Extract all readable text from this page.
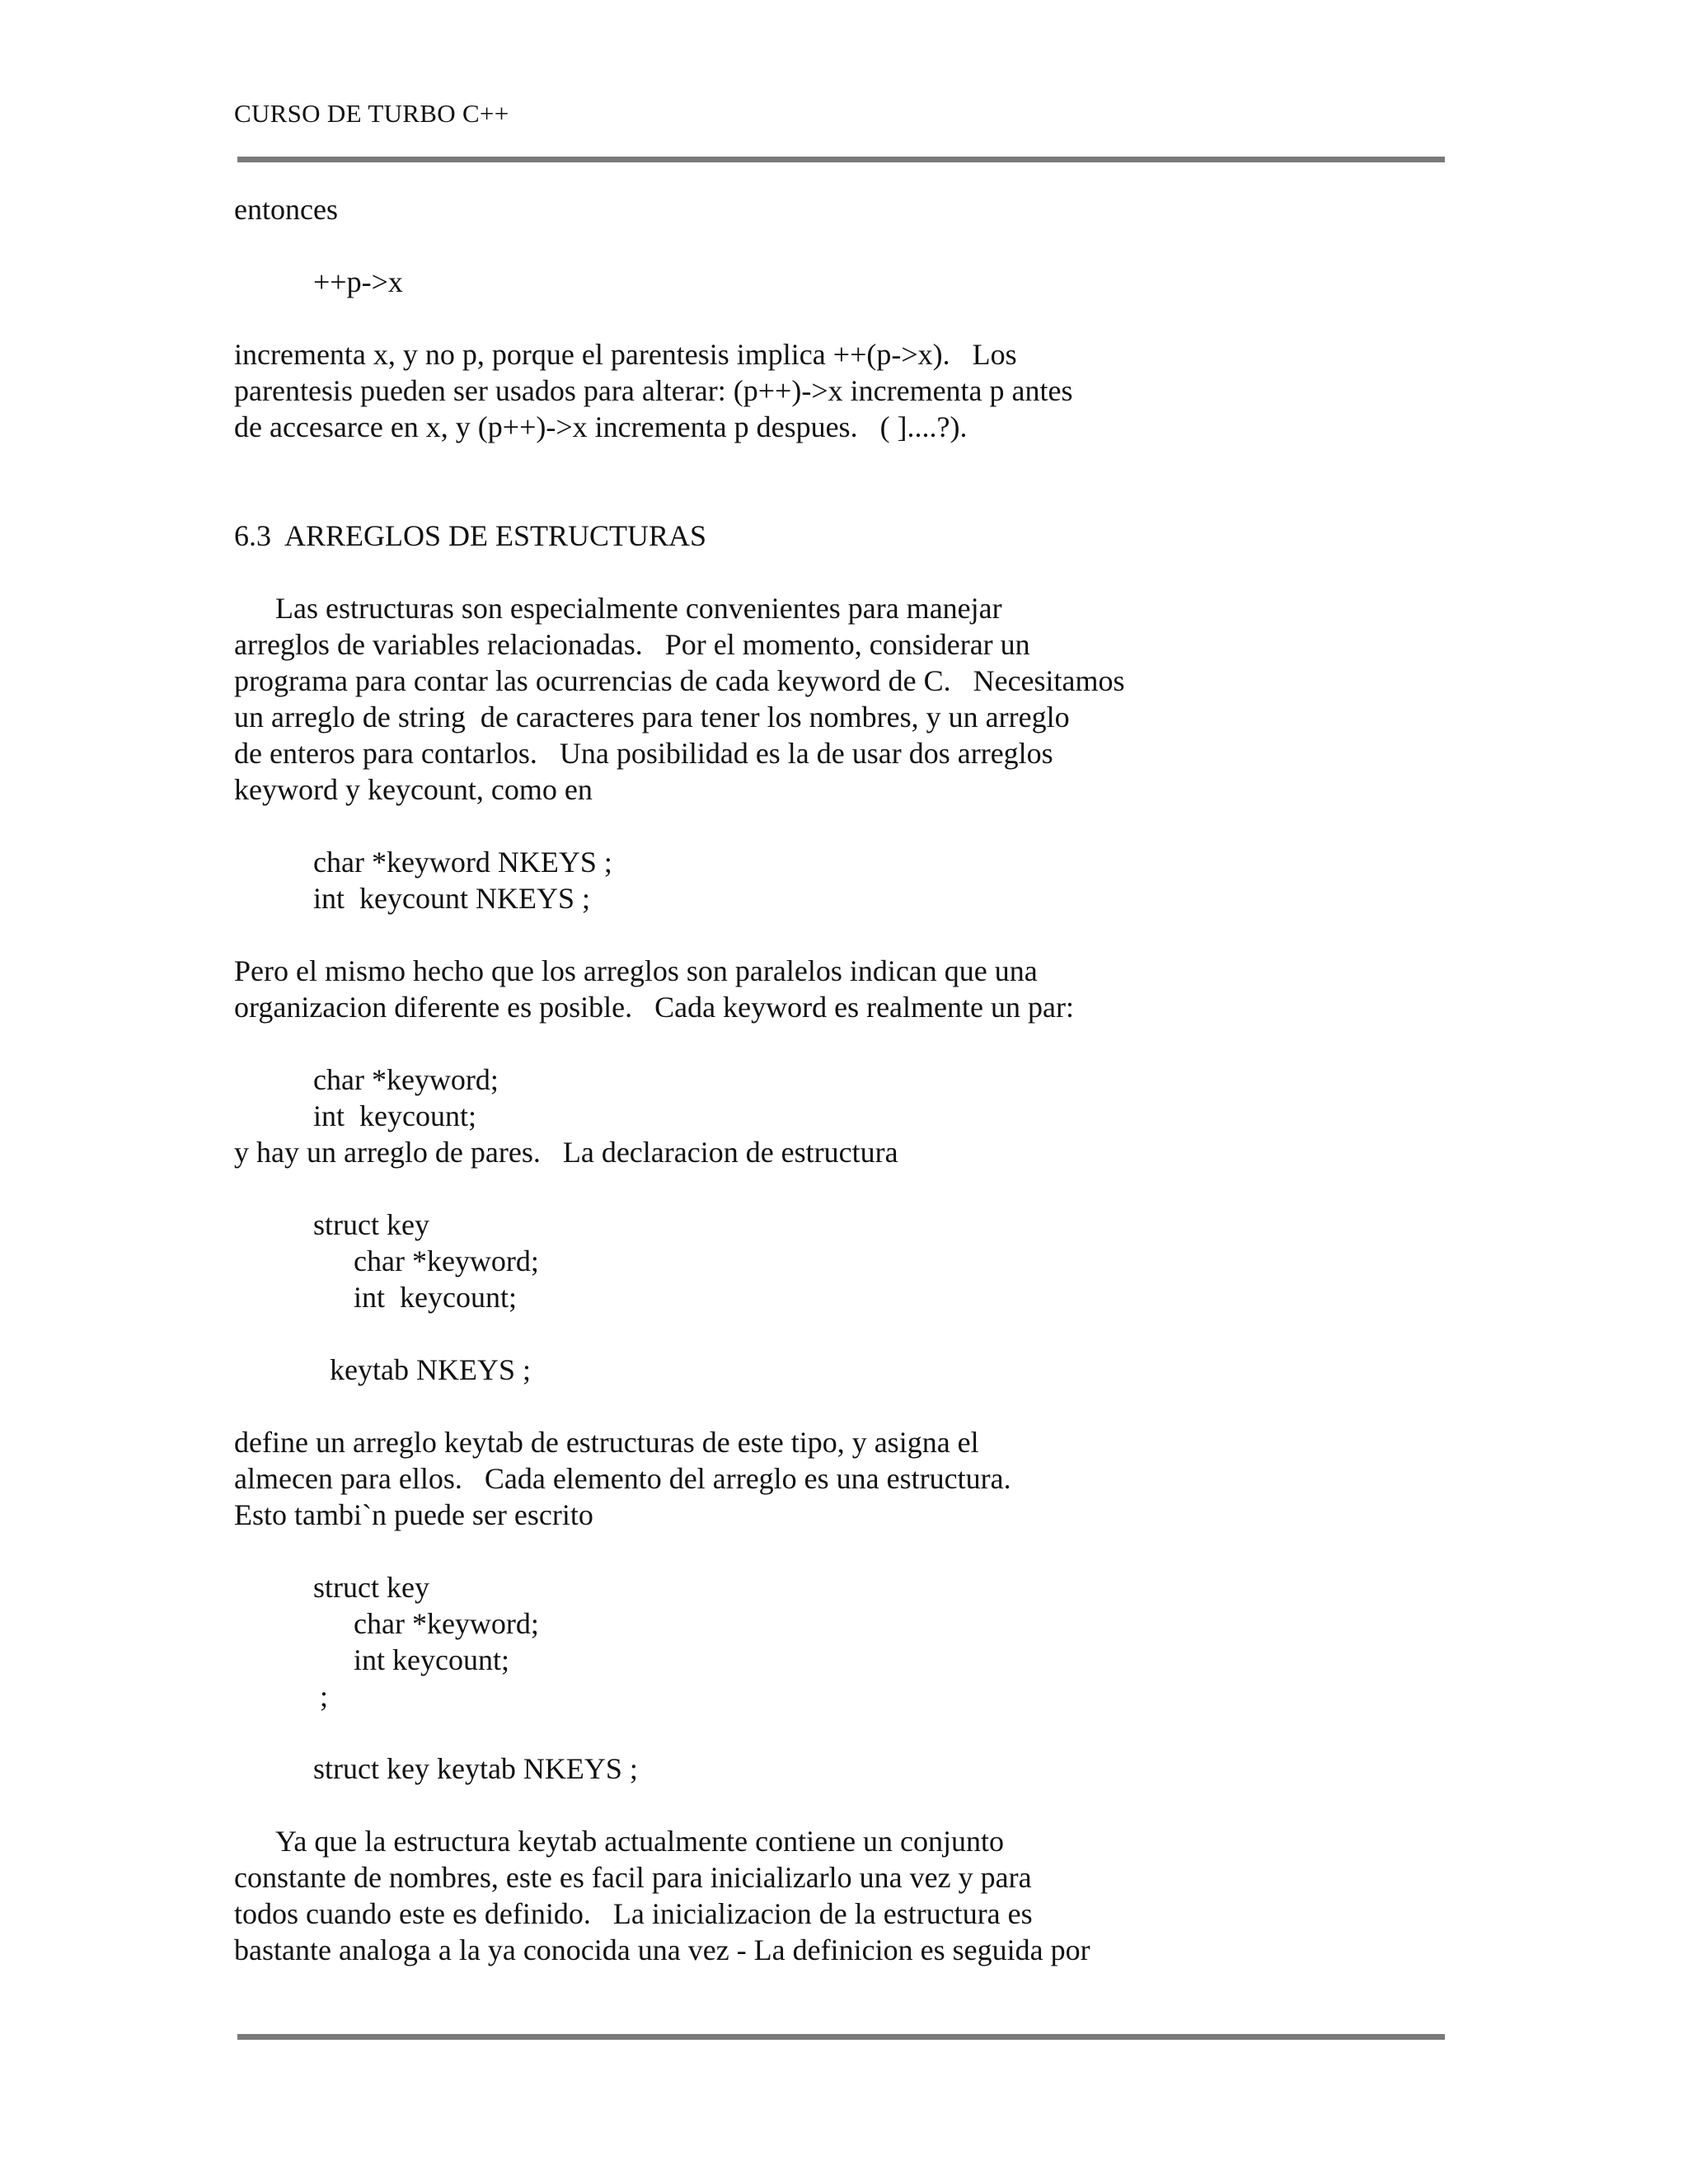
CURSO DE TURBO C++
entonces
++p->x
incrementa x, y no p, porque el parentesis implica ++(p->x).   Los
parentesis pueden ser usados para alterar: (p++)->x incrementa p antes
de accesarce en x, y (p++)->x incrementa p despues.   ( ]....?).
6.3  ARREGLOS DE ESTRUCTURAS
Las estructuras son especialmente convenientes para manejar
arreglos de variables relacionadas.   Por el momento, considerar un
programa para contar las ocurrencias de cada keyword de C.   Necesitamos
un arreglo de string  de caracteres para tener los nombres, y un arreglo
de enteros para contarlos.   Una posibilidad es la de usar dos arreglos
keyword y keycount, como en
char *keyword NKEYS ;
int  keycount NKEYS ;
Pero el mismo hecho que los arreglos son paralelos indican que una
organizacion diferente es posible.   Cada keyword es realmente un par:
char *keyword;
int  keycount;
y hay un arreglo de pares.   La declaracion de estructura
struct key
char *keyword;
int  keycount;
keytab NKEYS ;
define un arreglo keytab de estructuras de este tipo, y asigna el
almecen para ellos.   Cada elemento del arreglo es una estructura.
Esto tambi`n puede ser escrito
struct key
char *keyword;
int keycount;
;
struct key keytab NKEYS ;
Ya que la estructura keytab actualmente contiene un conjunto
constante de nombres, este es facil para inicializarlo una vez y para
todos cuando este es definido.   La inicializacion de la estructura es
bastante analoga a la ya conocida una vez - La definicion es seguida por
